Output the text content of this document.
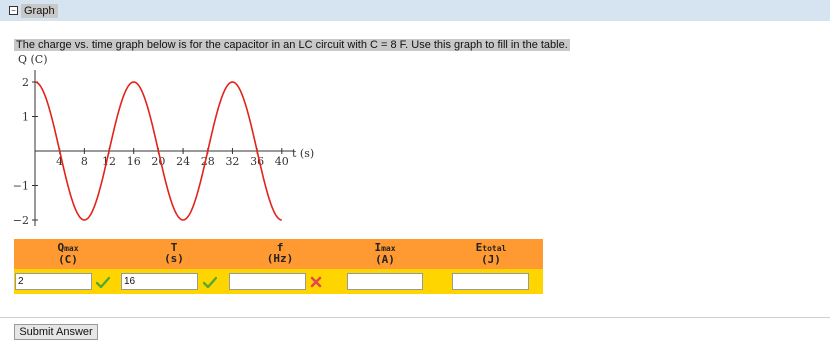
− Graph
The charge vs. time graph below is for the capacitor in an LC circuit with C = 8 F. Use this graph to fill in the table.
Q (C)
t (s)
4 8 12 16 20 24 28 32 36 40
2
1
−1
−2
Qmax
(C)
T
(s)
f
(Hz)
Imax
(A)
Etotal
(J)
2	16
Submit Answer
